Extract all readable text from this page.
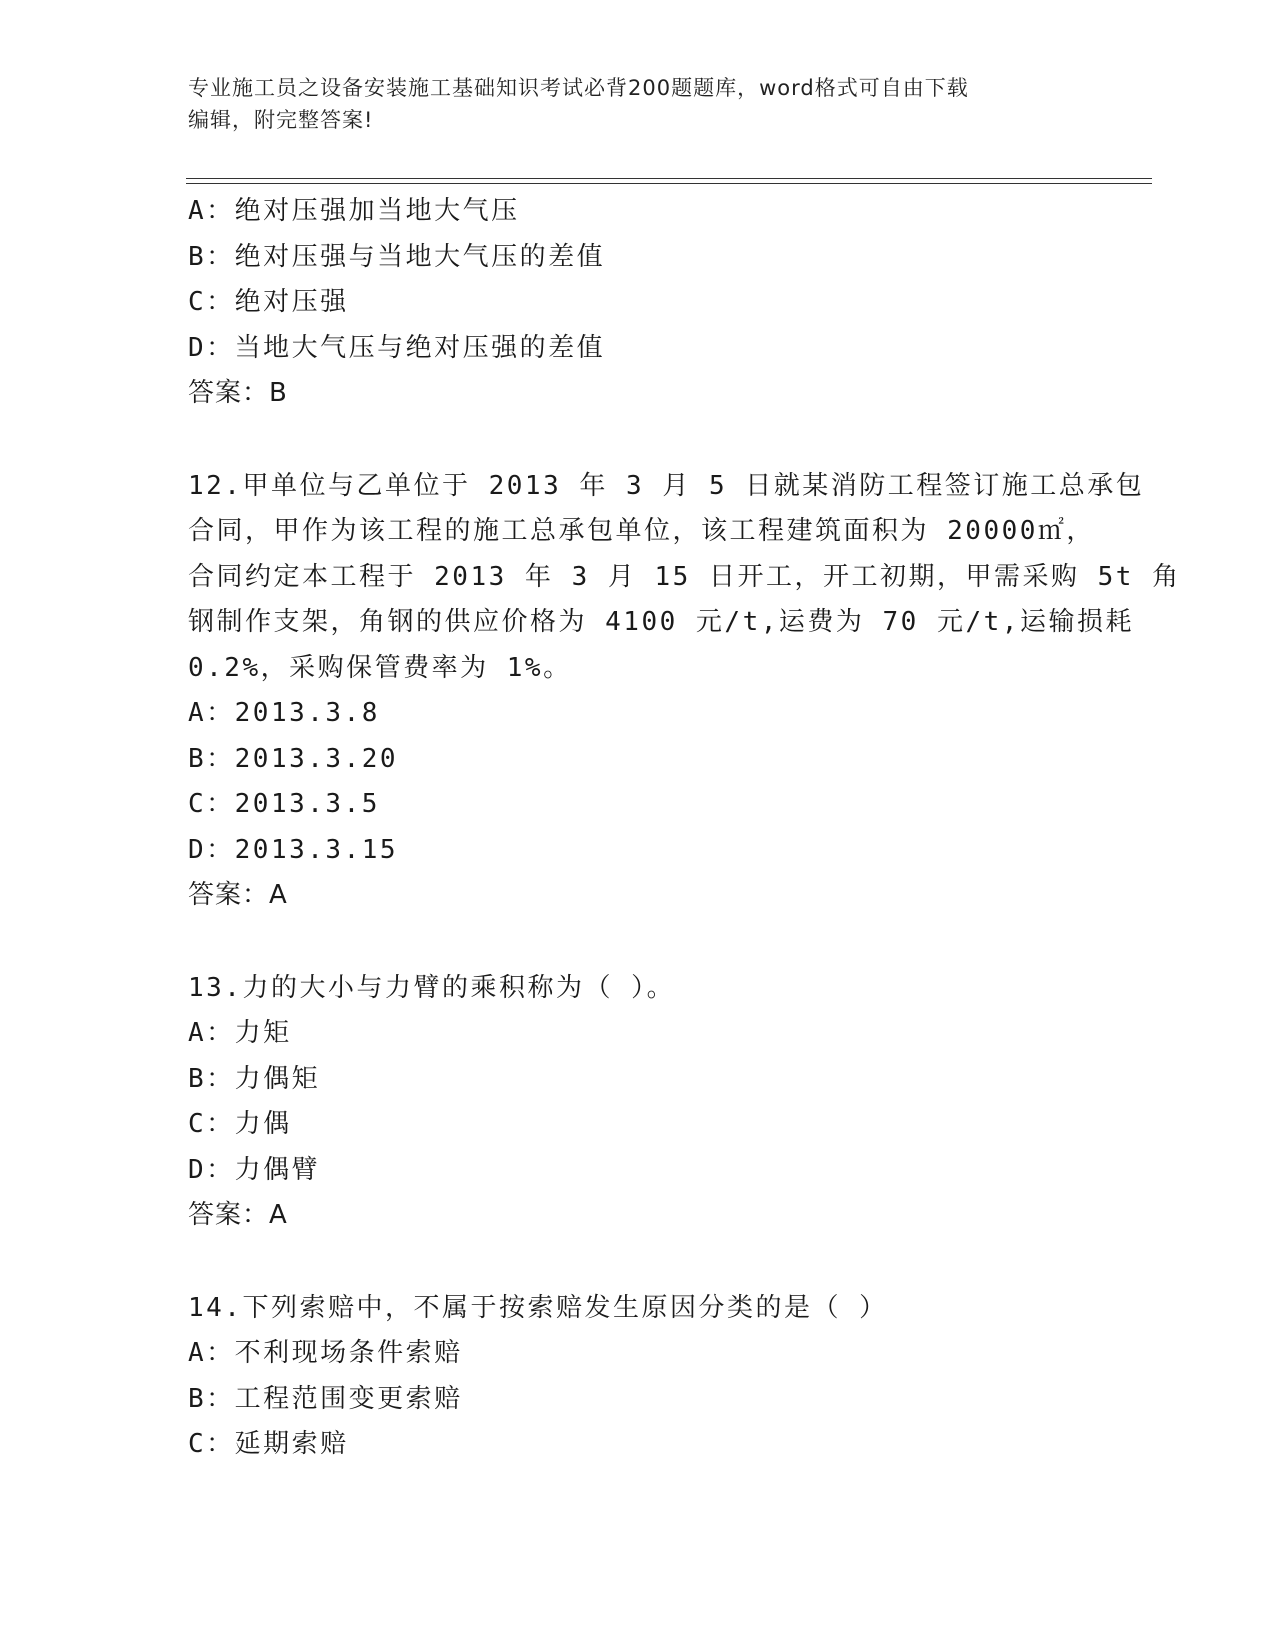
专业施工员之设备安装施工基础知识考试必背200题题库，word格式可自由下载
编辑，附完整答案!
A：绝对压强加当地大气压
B：绝对压强与当地大气压的差值
C：绝对压强
D：当地大气压与绝对压强的差值
答案：B
12.甲单位与乙单位于 2013 年 3 月 5 日就某消防工程签订施工总承包
合同，甲作为该工程的施工总承包单位，该工程建筑面积为 20000㎡，
合同约定本工程于 2013 年 3 月 15 日开工，开工初期，甲需采购 5t 角
钢制作支架，角钢的供应价格为 4100 元/t,运费为 70 元/t,运输损耗
0.2%，采购保管费率为 1%。
A：2013.3.8
B：2013.3.20
C：2013.3.5
D：2013.3.15
答案：A
13.力的大小与力臂的乘积称为（ ）。
A：力矩
B：力偶矩
C：力偶
D：力偶臂
答案：A
14.下列索赔中，不属于按索赔发生原因分类的是（ ）
A：不利现场条件索赔
B：工程范围变更索赔
C：延期索赔
